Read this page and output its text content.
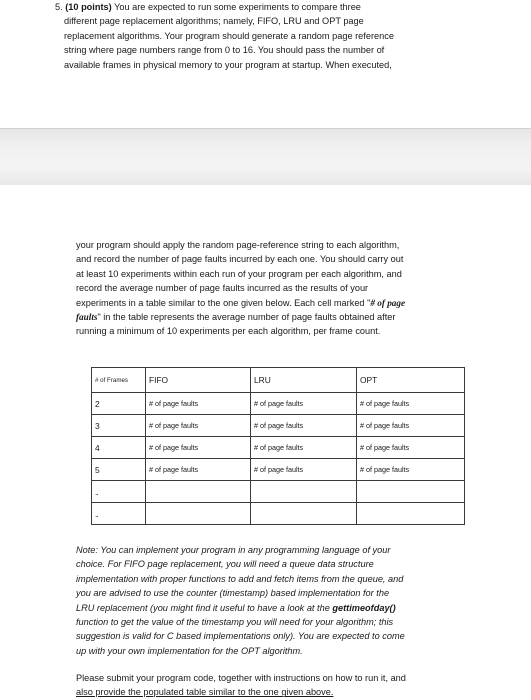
5. (10 points) You are expected to run some experiments to compare three
different page replacement algorithms; namely, FIFO, LRU and OPT page
replacement algorithms. Your program should generate a random page reference
string where page numbers range from 0 to 16. You should pass the number of
available frames in physical memory to your program at startup. When executed,

your program should apply the random page-reference string to each algorithm,
and record the number of page faults incurred by each one. You should carry out
at least 10 experiments within each run of your program per each algorithm, and
record the average number of page faults incurred as the results of your
experiments in a table similar to the one given below. Each cell marked "# of page
faults" in the table represents the average number of page faults obtained after
running a minimum of 10 experiments per each algorithm, per frame count.

# of Frames	FIFO	LRU	OPT
2	# of page faults	# of page faults	# of page faults
3	# of page faults	# of page faults	# of page faults
4	# of page faults	# of page faults	# of page faults
5	# of page faults	# of page faults	# of page faults
..			
..			

Note: You can implement your program in any programming language of your
choice. For FIFO page replacement, you will need a queue data structure
implementation with proper functions to add and fetch items from the queue, and
you are advised to use the counter (timestamp) based implementation for the
LRU replacement (you might find it useful to have a look at the gettimeofday()
function to get the value of the timestamp you will need for your algorithm; this
suggestion is valid for C based implementations only). You are expected to come
up with your own implementation for the OPT algorithm.

Please submit your program code, together with instructions on how to run it, and
also provide the populated table similar to the one given above.
